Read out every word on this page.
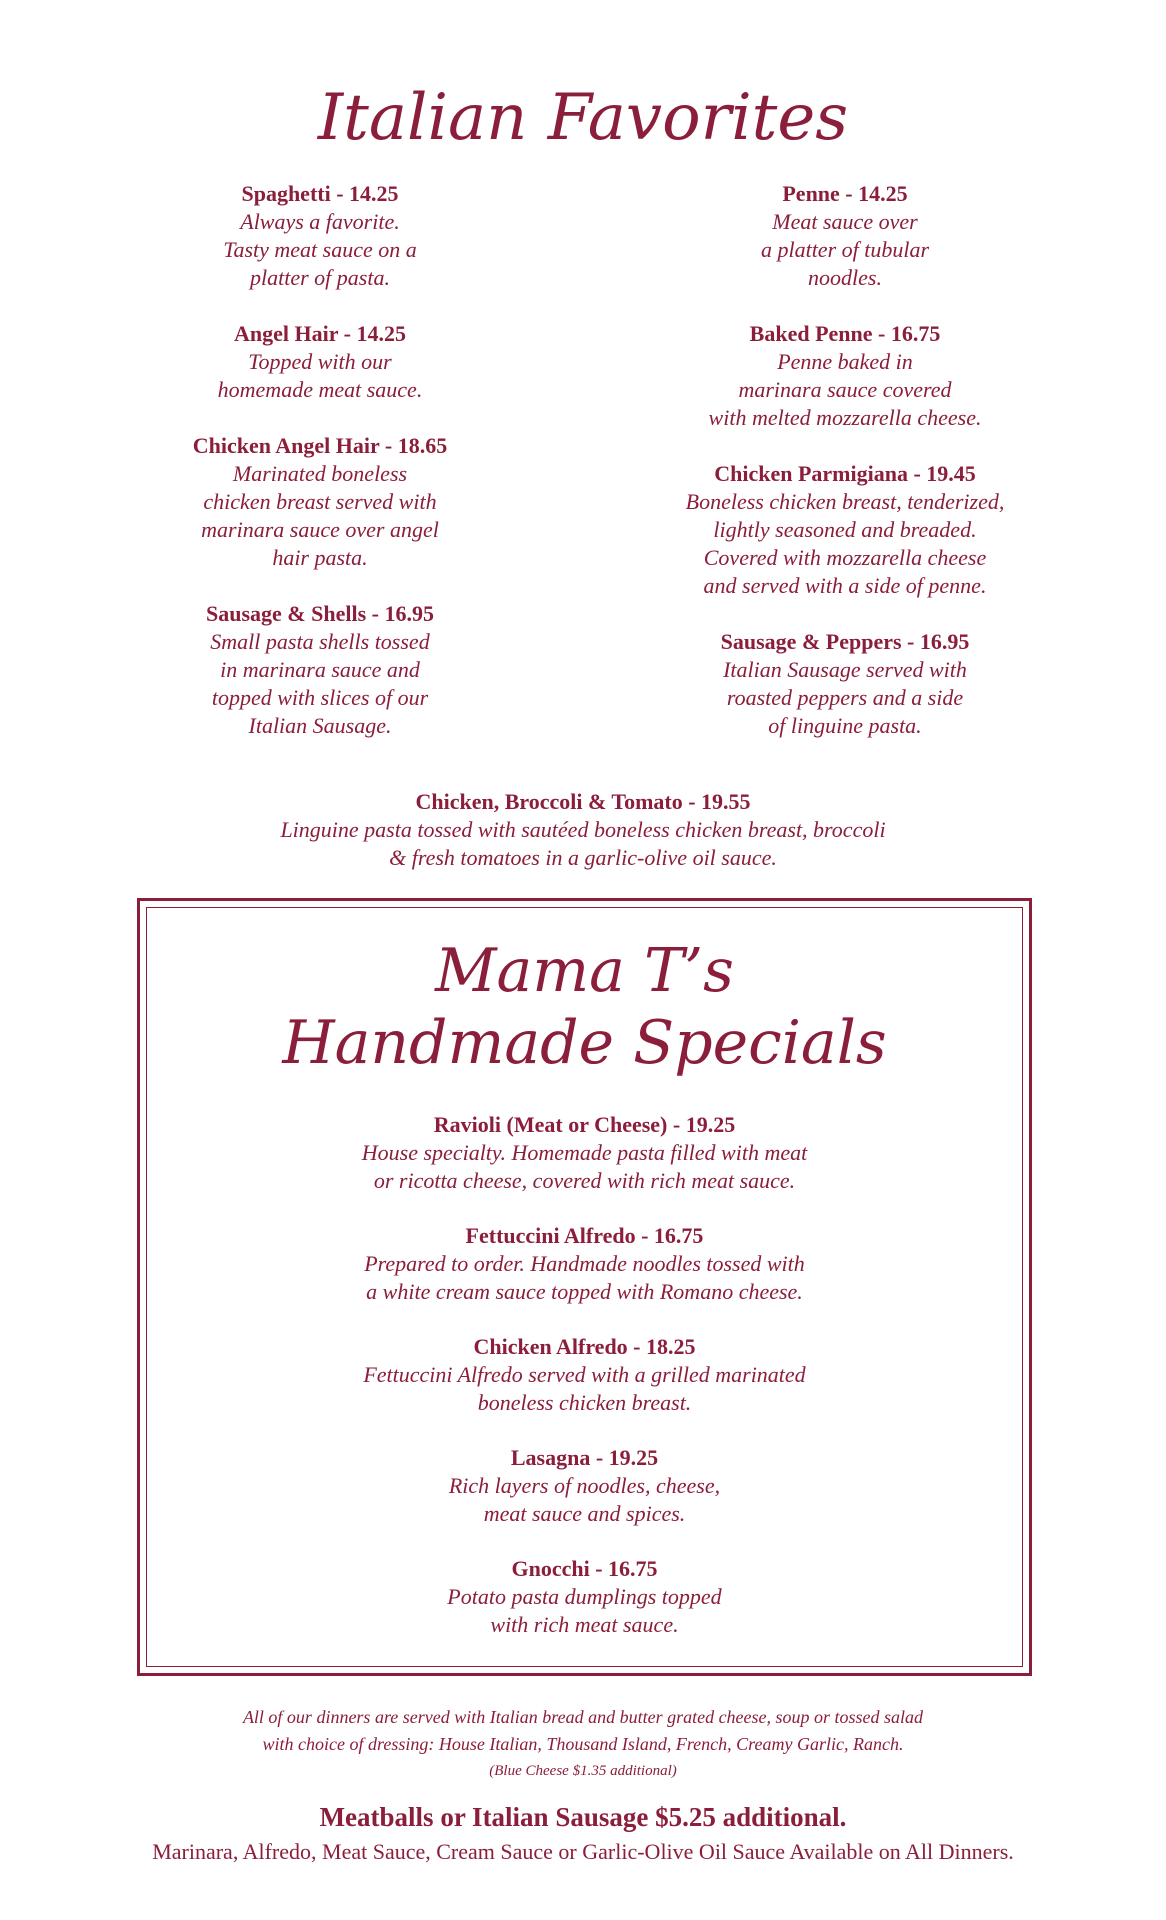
Italian Favorites
Spaghetti - 14.25
Always a favorite.
Tasty meat sauce on a
platter of pasta.
Angel Hair - 14.25
Topped with our
homemade meat sauce.
Chicken Angel Hair - 18.65
Marinated boneless
chicken breast served with
marinara sauce over angel
hair pasta.
Sausage & Shells - 16.95
Small pasta shells tossed
in marinara sauce and
topped with slices of our
Italian Sausage.
Penne - 14.25
Meat sauce over
a platter of tubular
noodles.
Baked Penne - 16.75
Penne baked in
marinara sauce covered
with melted mozzarella cheese.
Chicken Parmigiana - 19.45
Boneless chicken breast, tenderized,
lightly seasoned and breaded.
Covered with mozzarella cheese
and served with a side of penne.
Sausage & Peppers - 16.95
Italian Sausage served with
roasted peppers and a side
of linguine pasta.
Chicken, Broccoli & Tomato - 19.55
Linguine pasta tossed with sautéed boneless chicken breast, broccoli
& fresh tomatoes in a garlic-olive oil sauce.
Mama T’s
Handmade Specials
Ravioli (Meat or Cheese) - 19.25
House specialty. Homemade pasta filled with meat
or ricotta cheese, covered with rich meat sauce.
Fettuccini Alfredo - 16.75
Prepared to order. Handmade noodles tossed with
a white cream sauce topped with Romano cheese.
Chicken Alfredo - 18.25
Fettuccini Alfredo served with a grilled marinated
boneless chicken breast.
Lasagna - 19.25
Rich layers of noodles, cheese,
meat sauce and spices.
Gnocchi - 16.75
Potato pasta dumplings topped
with rich meat sauce.
All of our dinners are served with Italian bread and butter grated cheese, soup or tossed salad
with choice of dressing: House Italian, Thousand Island, French, Creamy Garlic, Ranch.
(Blue Cheese $1.35 additional)
Meatballs or Italian Sausage $5.25 additional.
Marinara, Alfredo, Meat Sauce, Cream Sauce or Garlic-Olive Oil Sauce Available on All Dinners.
